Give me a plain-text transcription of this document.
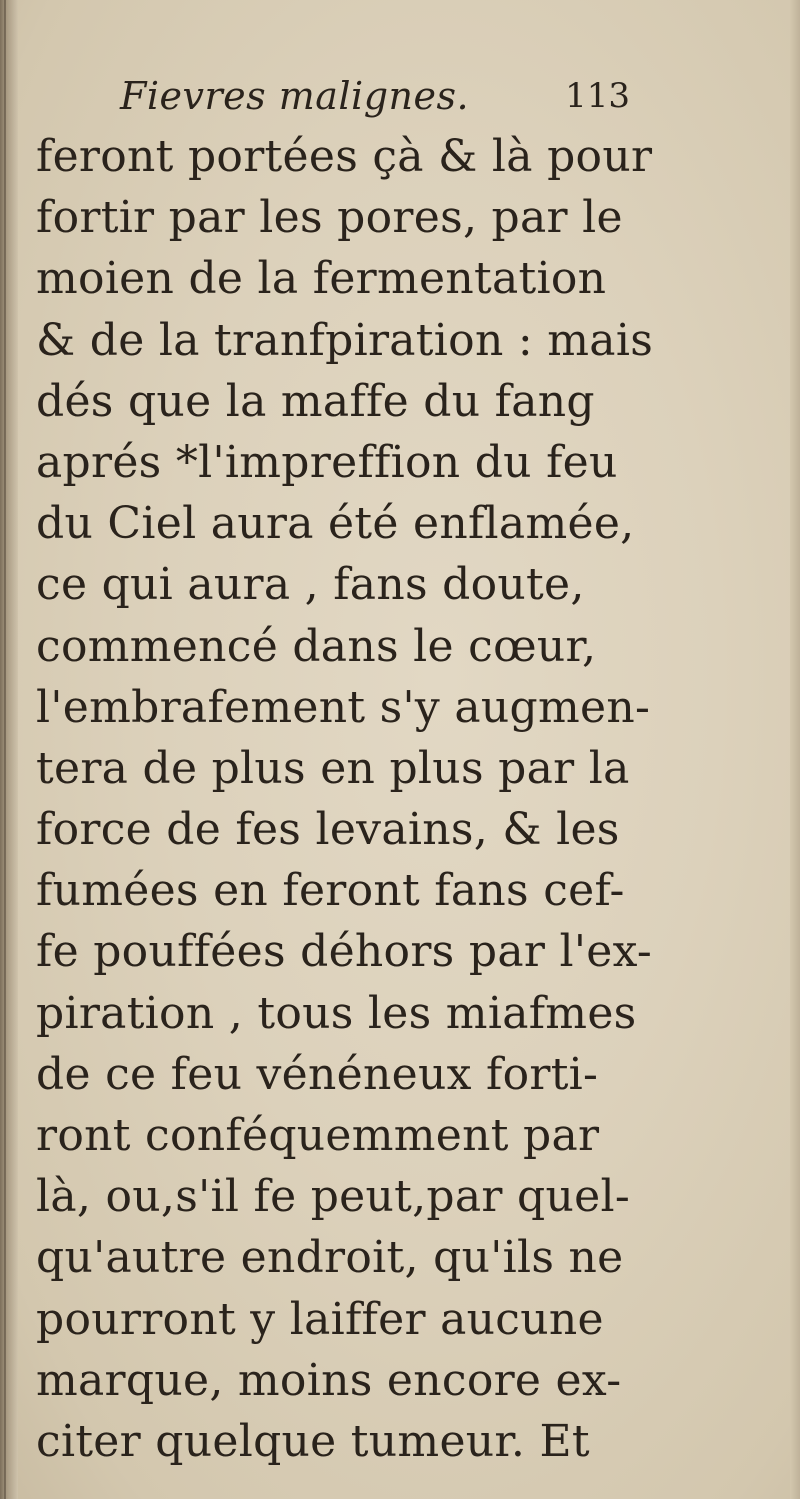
Fievres malignes.	113
feront portées çà & là pour
fortir par les pores, par le
moien de la fermentation
& de la tranfpiration : mais
dés que la maffe du fang
aprés *l'impreffion du feu
du Ciel aura été enflamée,
ce qui aura , fans doute,
commencé dans le cœur,
l'embrafement s'y augmen-
tera de plus en plus par la
force de fes levains, & les
fumées en feront fans cef-
fe pouffées déhors par l'ex-
piration , tous les miafmes
de ce feu vénéneux forti-
ront conféquemment par
là, ou,s'il fe peut,par quel-
qu'autre endroit, qu'ils ne
pourront y laiffer aucune
marque, moins encore ex-
citer quelque tumeur. Et
